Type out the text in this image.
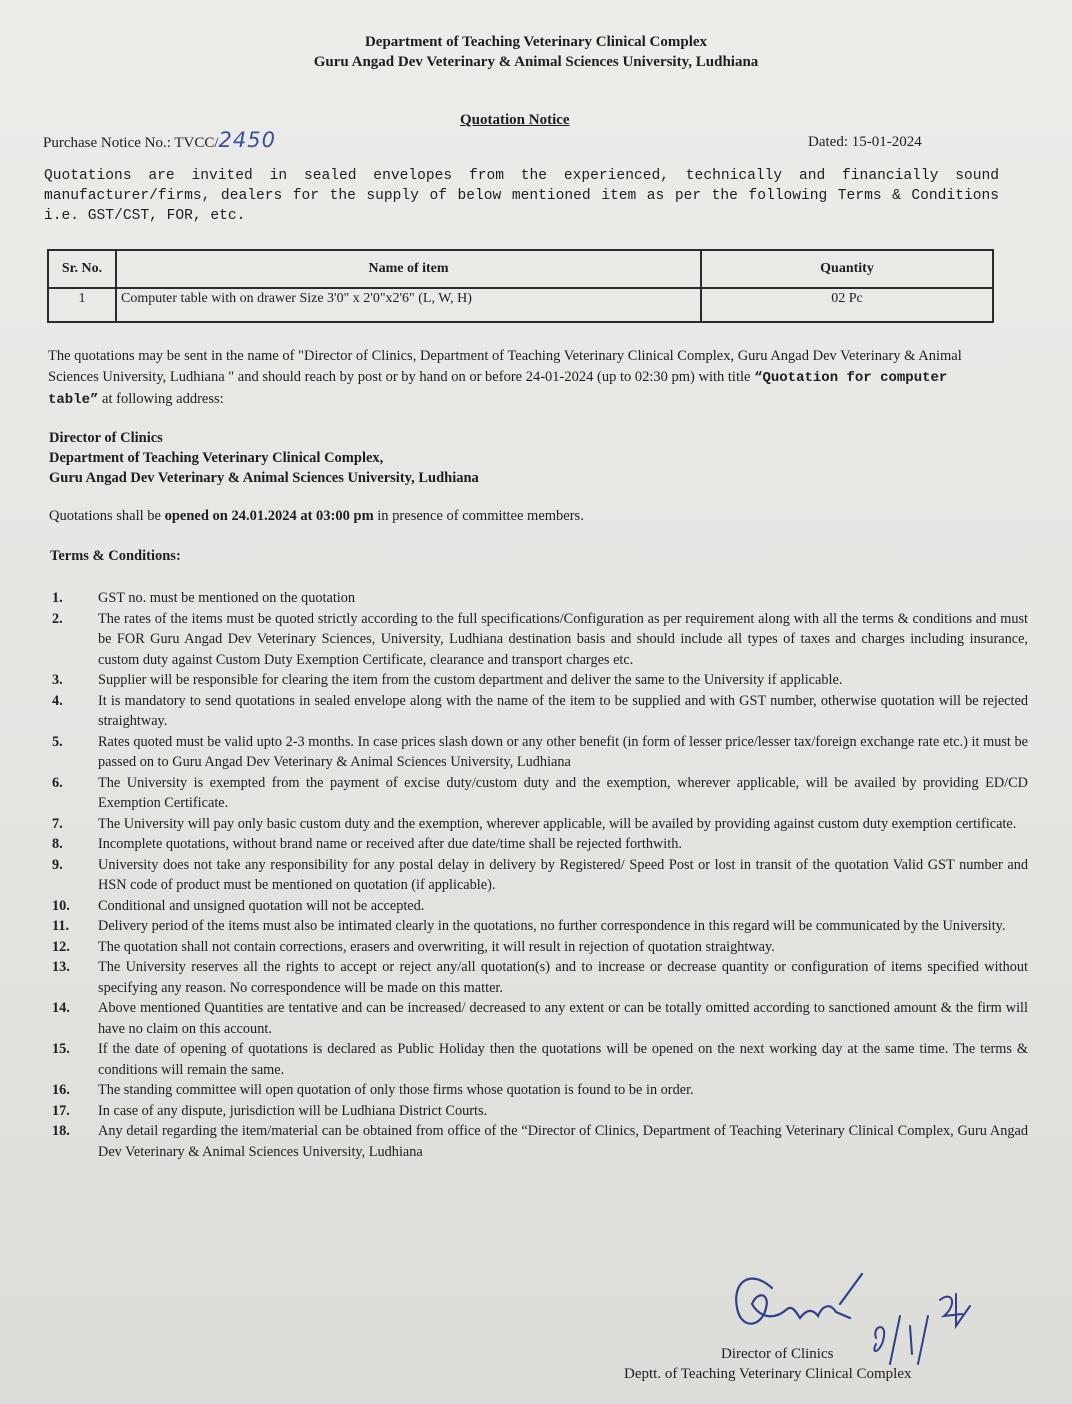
Department of Teaching Veterinary Clinical Complex
Guru Angad Dev Veterinary & Animal Sciences University, Ludhiana
Quotation Notice
Purchase Notice No.: TVCC/2450	Dated: 15-01-2024
Quotations are invited in sealed envelopes from the experienced, technically and financially sound manufacturer/firms, dealers for the supply of below mentioned item as per the following Terms & Conditions i.e. GST/CST, FOR, etc.
Sr. No.	Name of item	Quantity
1	Computer table with on drawer Size 3'0" x 2'0"x2'6" (L, W, H)	02 Pc
The quotations may be sent in the name of "Director of Clinics, Department of Teaching Veterinary Clinical Complex, Guru Angad Dev Veterinary & Animal Sciences University, Ludhiana " and should reach by post or by hand on or before 24-01-2024 (up to 02:30 pm) with title “Quotation for computer table” at following address:
Director of Clinics
Department of Teaching Veterinary Clinical Complex,
Guru Angad Dev Veterinary & Animal Sciences University, Ludhiana
Quotations shall be opened on 24.01.2024 at 03:00 pm in presence of committee members.
Terms & Conditions:
1. GST no. must be mentioned on the quotation
2. The rates of the items must be quoted strictly according to the full specifications/Configuration as per requirement along with all the terms & conditions and must be FOR Guru Angad Dev Veterinary Sciences, University, Ludhiana destination basis and should include all types of taxes and charges including insurance, custom duty against Custom Duty Exemption Certificate, clearance and transport charges etc.
3. Supplier will be responsible for clearing the item from the custom department and deliver the same to the University if applicable.
4. It is mandatory to send quotations in sealed envelope along with the name of the item to be supplied and with GST number, otherwise quotation will be rejected straightway.
5. Rates quoted must be valid upto 2-3 months. In case prices slash down or any other benefit (in form of lesser price/lesser tax/foreign exchange rate etc.) it must be passed on to Guru Angad Dev Veterinary & Animal Sciences University, Ludhiana
6. The University is exempted from the payment of excise duty/custom duty and the exemption, wherever applicable, will be availed by providing ED/CD Exemption Certificate.
7. The University will pay only basic custom duty and the exemption, wherever applicable, will be availed by providing against custom duty exemption certificate.
8. Incomplete quotations, without brand name or received after due date/time shall be rejected forthwith.
9. University does not take any responsibility for any postal delay in delivery by Registered/ Speed Post or lost in transit of the quotation Valid GST number and HSN code of product must be mentioned on quotation (if applicable).
10. Conditional and unsigned quotation will not be accepted.
11. Delivery period of the items must also be intimated clearly in the quotations, no further correspondence in this regard will be communicated by the University.
12. The quotation shall not contain corrections, erasers and overwriting, it will result in rejection of quotation straightway.
13. The University reserves all the rights to accept or reject any/all quotation(s) and to increase or decrease quantity or configuration of items specified without specifying any reason. No correspondence will be made on this matter.
14. Above mentioned Quantities are tentative and can be increased/ decreased to any extent or can be totally omitted according to sanctioned amount & the firm will have no claim on this account.
15. If the date of opening of quotations is declared as Public Holiday then the quotations will be opened on the next working day at the same time. The terms & conditions will remain the same.
16. The standing committee will open quotation of only those firms whose quotation is found to be in order.
17. In case of any dispute, jurisdiction will be Ludhiana District Courts.
18. Any detail regarding the item/material can be obtained from office of the “Director of Clinics, Department of Teaching Veterinary Clinical Complex, Guru Angad Dev Veterinary & Animal Sciences University, Ludhiana
Director of Clinics
Deptt. of Teaching Veterinary Clinical Complex
